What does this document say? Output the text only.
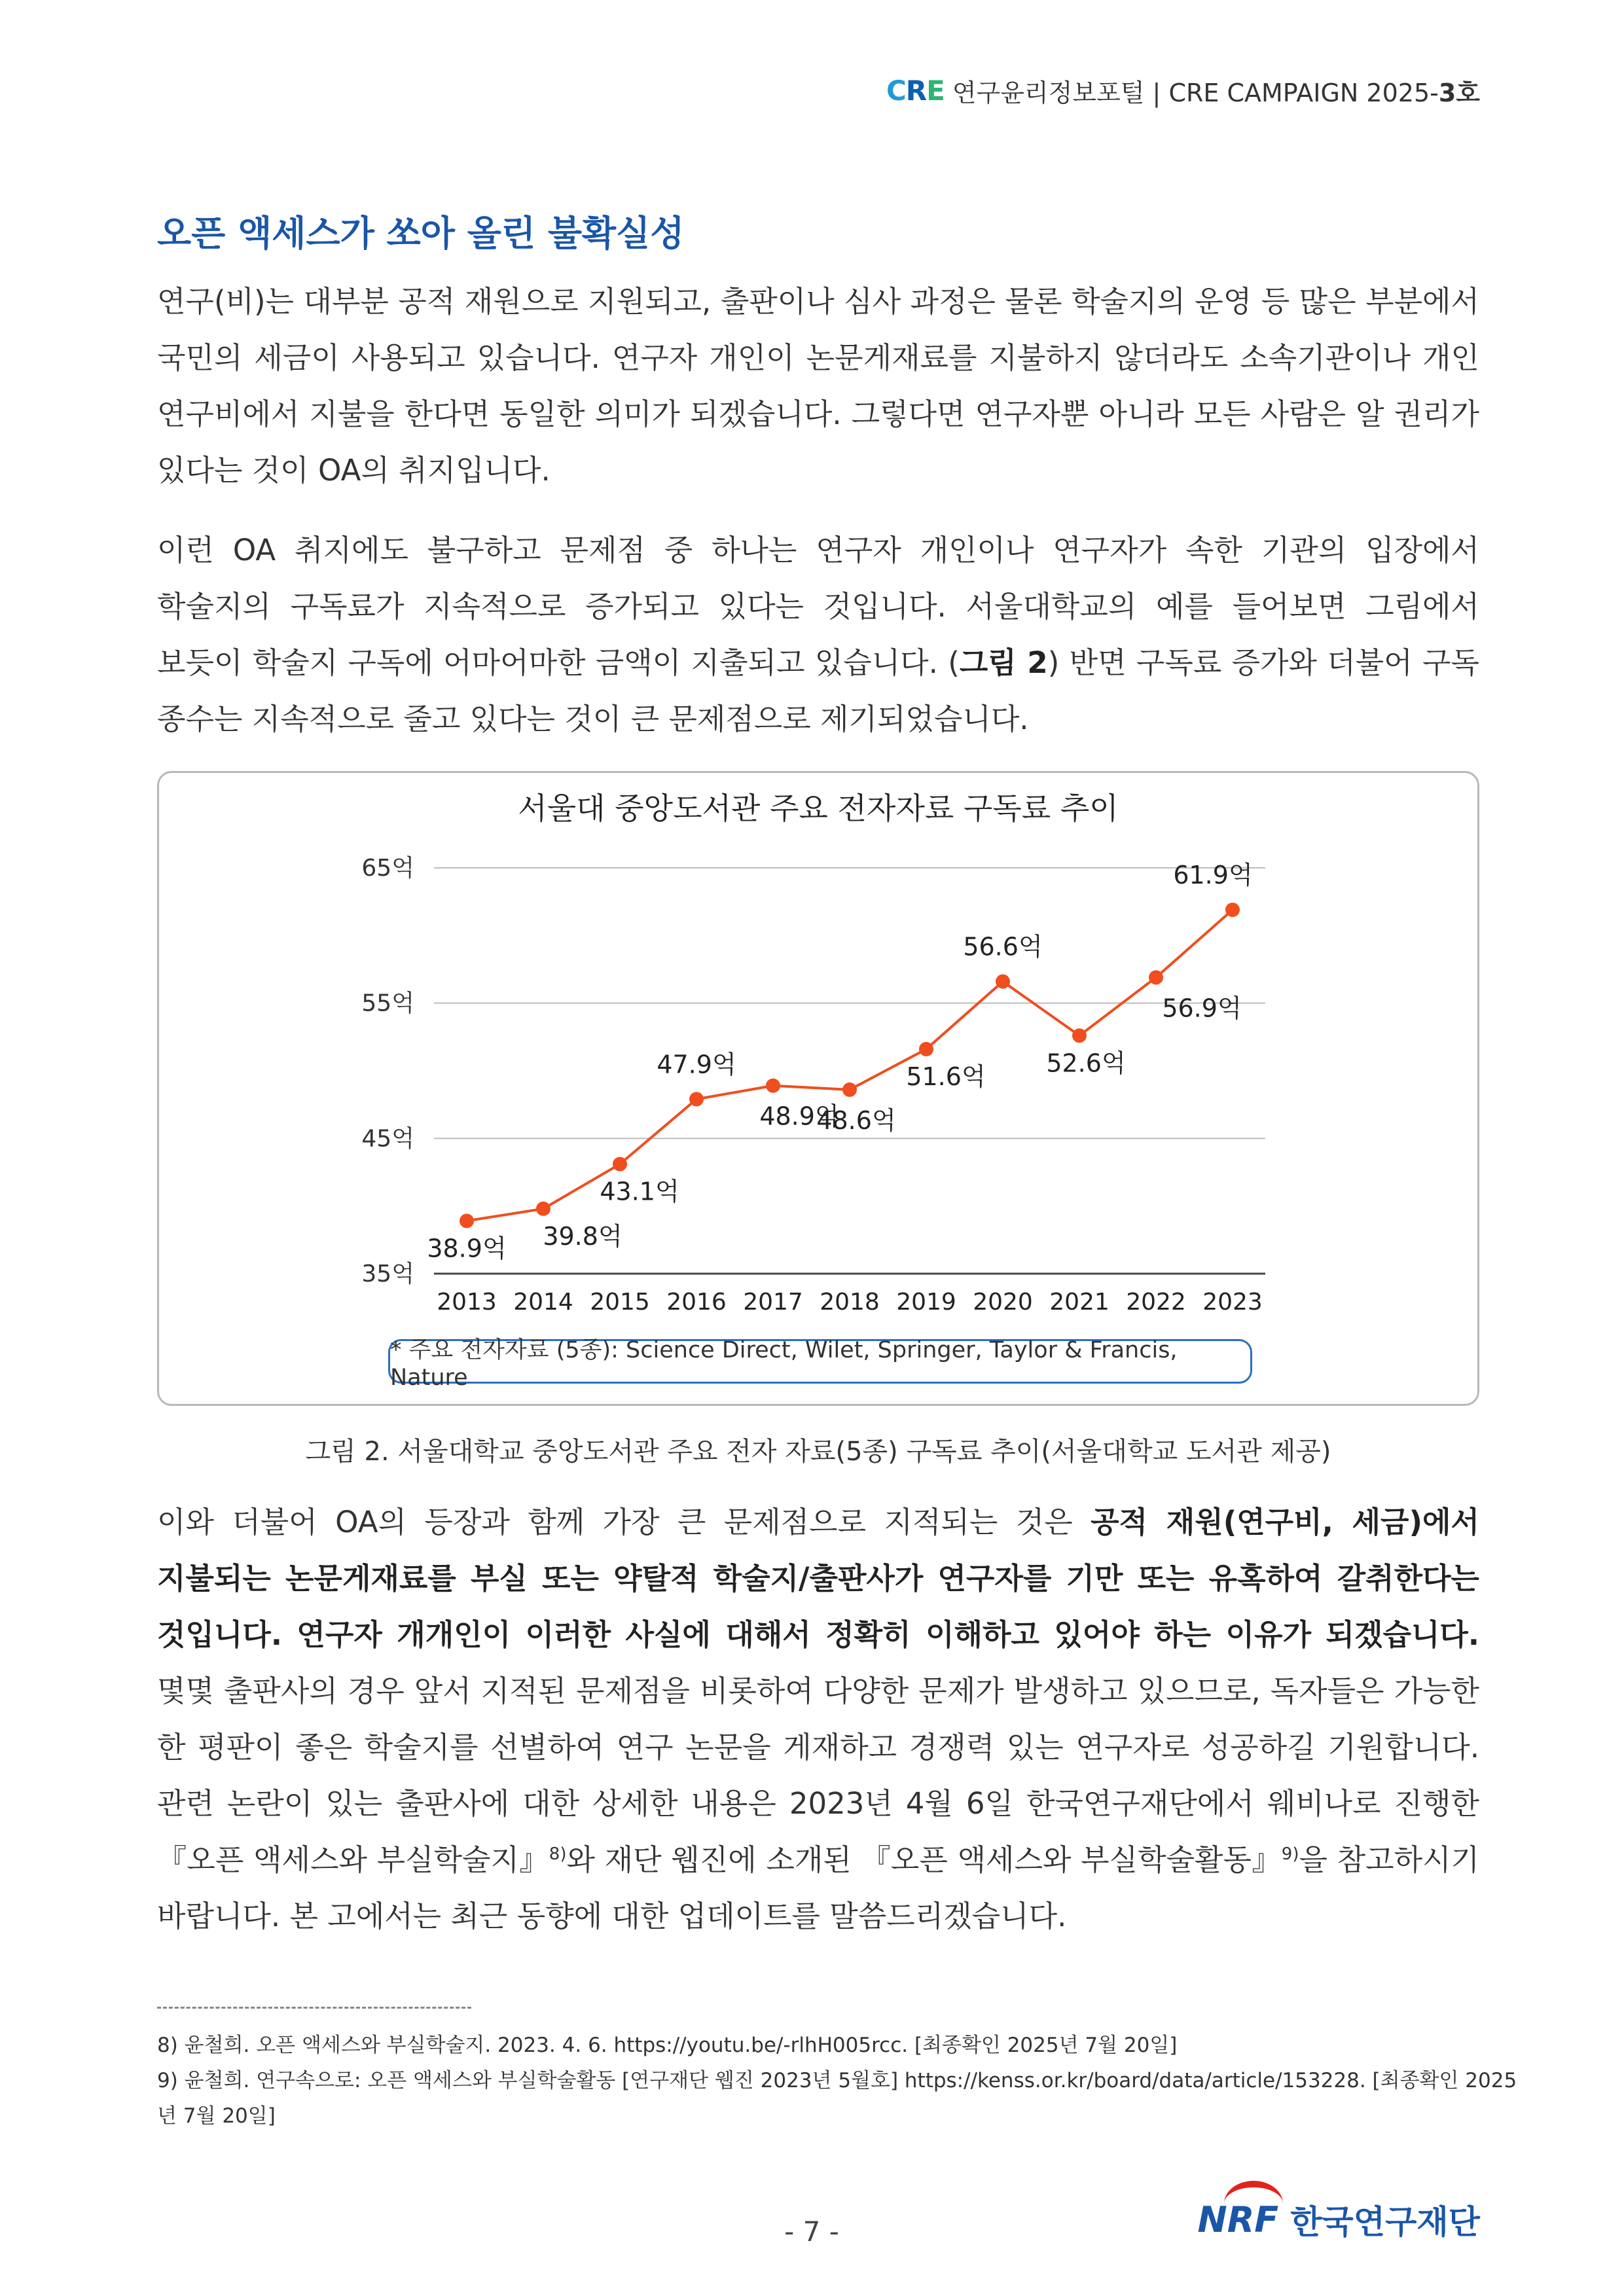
CRE 연구윤리정보포털 | CRE CAMPAIGN 2025- 3호
오픈 액세스가 쏘아 올린 불확실성

연구(비)는 대부분 공적 재원으로 지원되고, 출판이나 심사 과정은 물론 학술지의 운영 등 많은 부분에서 국민의 세금이 사용되고 있습니다. 연구자 개인이 논문게재료를 지불하지 않더라도 소속기관이나 개인 연구비에서 지불을 한다면 동일한 의미가 되겠습니다. 그렇다면 연구자뿐 아니라 모든 사람은 알 권리가 있다는 것이 OA의 취지입니다.

이런 OA 취지에도 불구하고 문제점 중 하나는 연구자 개인이나 연구자가 속한 기관의 입장에서 학술지의 구독료가 지속적으로 증가되고 있다는 것입니다. 서울대학교의 예를 들어보면 그림에서 보듯이 학술지 구독에 어마어마한 금액이 지출되고 있습니다. (그림 2) 반면 구독료 증가와 더불어 구독 종수는 지속적으로 줄고 있다는 것이 큰 문제점으로 제기되었습니다.

서울대 중앙도서관 주요 전자자료 구독료 추이
35억
45억
55억
65억
2013 2014 2015 2016 2017 2018 2019 2020 2021 2022 2023
38.9억 39.8억
43.1억
47.9억
48.9억
48.6억
51.6억
56.6억
52.6억
56.9억
61.9억
* 주요 전자자료 (5종): Science Direct, Wilet, Springer, Taylor & Francis, Nature
그림 2. 서울대학교 중앙도서관 주요 전자 자료(5종) 구독료 추이(서울대학교 도서관 제공)

이와 더불어 OA의 등장과 함께 가장 큰 문제점으로 지적되는 것은 공적 재원(연구비, 세금)에서 지불되는 논문게재료를 부실 또는 약탈적 학술지/출판사가 연구자를 기만 또는 유혹하여 갈취한다는 것입니다. 연구자 개개인이 이러한 사실에 대해서 정확히 이해하고 있어야 하는 이유가 되겠습니다. 몇몇 출판사의 경우 앞서 지적된 문제점을 비롯하여 다양한 문제가 발생하고 있으므로, 독자들은 가능한 한 평판이 좋은 학술지를 선별하여 연구 논문을 게재하고 경쟁력 있는 연구자로 성공하길 기원합니다. 관련 논란이 있는 출판사에 대한 상세한 내용은 2023년 4월 6일 한국연구재단에서 웨비나로 진행한 『오픈 액세스와 부실학술지』$^{8)}$와 재단 웹진에 소개된 『오픈 액세스와 부실학술활동』$^{9)}$을 참고하시기 바랍니다. 본 고에서는 최근 동향에 대한 업데이트를 말씀드리겠습니다.

8) 윤철희. 오픈 액세스와 부실학술지. 2023. 4. 6. https://youtu.be/-rlhH005rcc. [최종확인 2025년 7월 20일]
9) 윤철희. 연구속으로: 오픈 액세스와 부실학술활동 [연구재단 웹진 2023년 5월호] https://kenss.or.kr/board/data/article/153228. [최종확인 2025년 7월 20일]
- 7 -	NRF 한국연구재단
